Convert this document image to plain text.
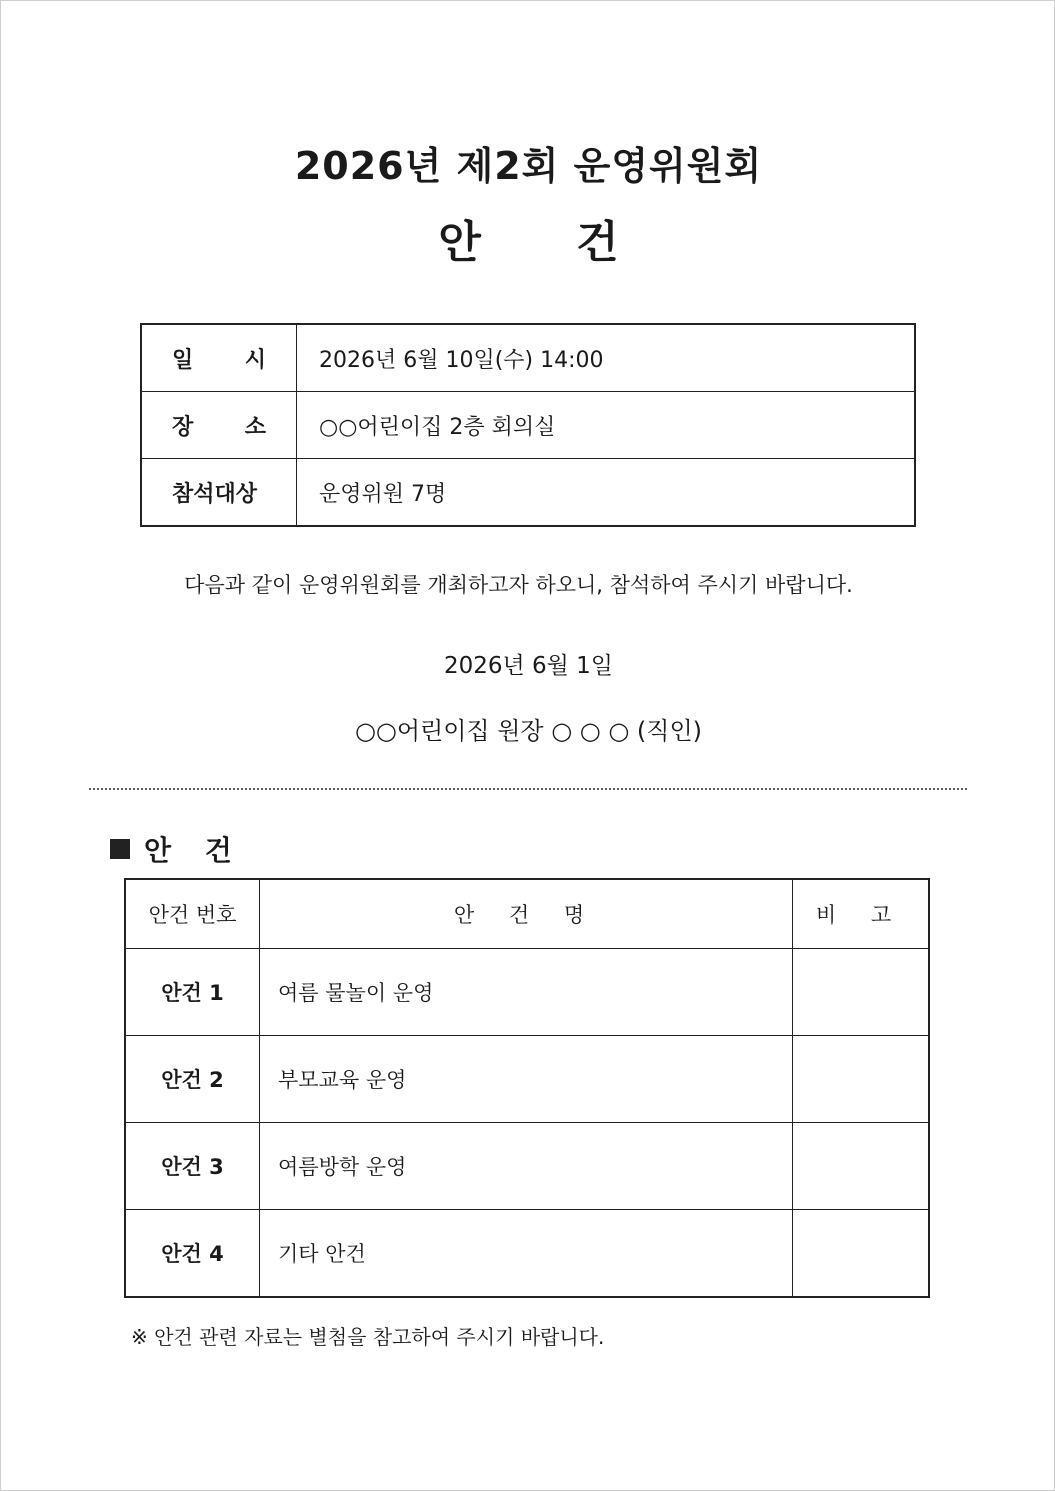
2026년 제2회 운영위원회
안 건
일 시	2026년 6월 10일(수) 14:00
장 소	○○어린이집 2층 회의실
참석대상	운영위원 7명
다음과 같이 운영위원회를 개최하고자 하오니, 참석하여 주시기 바랍니다.
2026년 6월 1일
○○어린이집 원장 ○ ○ ○ (직인)
안 건
안건 번호	안 건 명	비 고
안건 1	여름 물놀이 운영	
안건 2	부모교육 운영	
안건 3	여름방학 운영	
안건 4	기타 안건	
※ 안건 관련 자료는 별첨을 참고하여 주시기 바랍니다.
